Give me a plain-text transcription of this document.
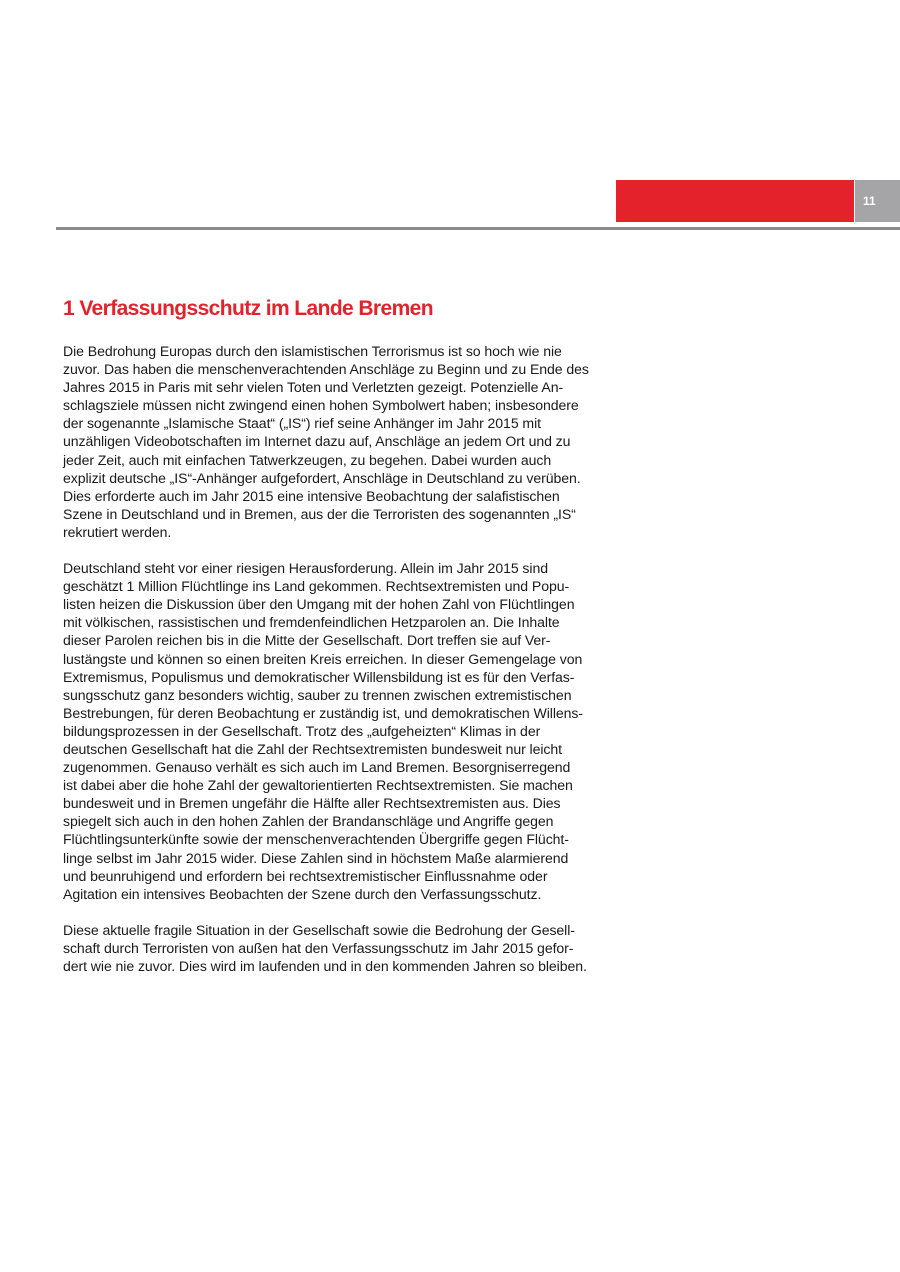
11
1 Verfassungsschutz im Lande Bremen

Die Bedrohung Europas durch den islamistischen Terrorismus ist so hoch wie nie
zuvor. Das haben die menschenverachtenden Anschläge zu Beginn und zu Ende des
Jahres 2015 in Paris mit sehr vielen Toten und Verletzten gezeigt. Potenzielle An-
schlagsziele müssen nicht zwingend einen hohen Symbolwert haben; insbesondere
der sogenannte „Islamische Staat“ („IS“) rief seine Anhänger im Jahr 2015 mit
unzähligen Videobotschaften im Internet dazu auf, Anschläge an jedem Ort und zu
jeder Zeit, auch mit einfachen Tatwerkzeugen, zu begehen. Dabei wurden auch
explizit deutsche „IS“-Anhänger aufgefordert, Anschläge in Deutschland zu verüben.
Dies erforderte auch im Jahr 2015 eine intensive Beobachtung der salafistischen
Szene in Deutschland und in Bremen, aus der die Terroristen des sogenannten „IS“
rekrutiert werden.

Deutschland steht vor einer riesigen Herausforderung. Allein im Jahr 2015 sind
geschätzt 1 Million Flüchtlinge ins Land gekommen. Rechtsextremisten und Popu-
listen heizen die Diskussion über den Umgang mit der hohen Zahl von Flüchtlingen
mit völkischen, rassistischen und fremdenfeindlichen Hetzparolen an. Die Inhalte
dieser Parolen reichen bis in die Mitte der Gesellschaft. Dort treffen sie auf Ver-
lustängste und können so einen breiten Kreis erreichen. In dieser Gemengelage von
Extremismus, Populismus und demokratischer Willensbildung ist es für den Verfas-
sungsschutz ganz besonders wichtig, sauber zu trennen zwischen extremistischen
Bestrebungen, für deren Beobachtung er zuständig ist, und demokratischen Willens-
bildungsprozessen in der Gesellschaft. Trotz des „aufgeheizten“ Klimas in der
deutschen Gesellschaft hat die Zahl der Rechtsextremisten bundesweit nur leicht
zugenommen. Genauso verhält es sich auch im Land Bremen. Besorgniserregend
ist dabei aber die hohe Zahl der gewaltorientierten Rechtsextremisten. Sie machen
bundesweit und in Bremen ungefähr die Hälfte aller Rechtsextremisten aus. Dies
spiegelt sich auch in den hohen Zahlen der Brandanschläge und Angriffe gegen
Flüchtlingsunterkünfte sowie der menschenverachtenden Übergriffe gegen Flücht-
linge selbst im Jahr 2015 wider. Diese Zahlen sind in höchstem Maße alarmierend
und beunruhigend und erfordern bei rechtsextremistischer Einflussnahme oder
Agitation ein intensives Beobachten der Szene durch den Verfassungsschutz.

Diese aktuelle fragile Situation in der Gesellschaft sowie die Bedrohung der Gesell-
schaft durch Terroristen von außen hat den Verfassungsschutz im Jahr 2015 gefor-
dert wie nie zuvor. Dies wird im laufenden und in den kommenden Jahren so bleiben.
